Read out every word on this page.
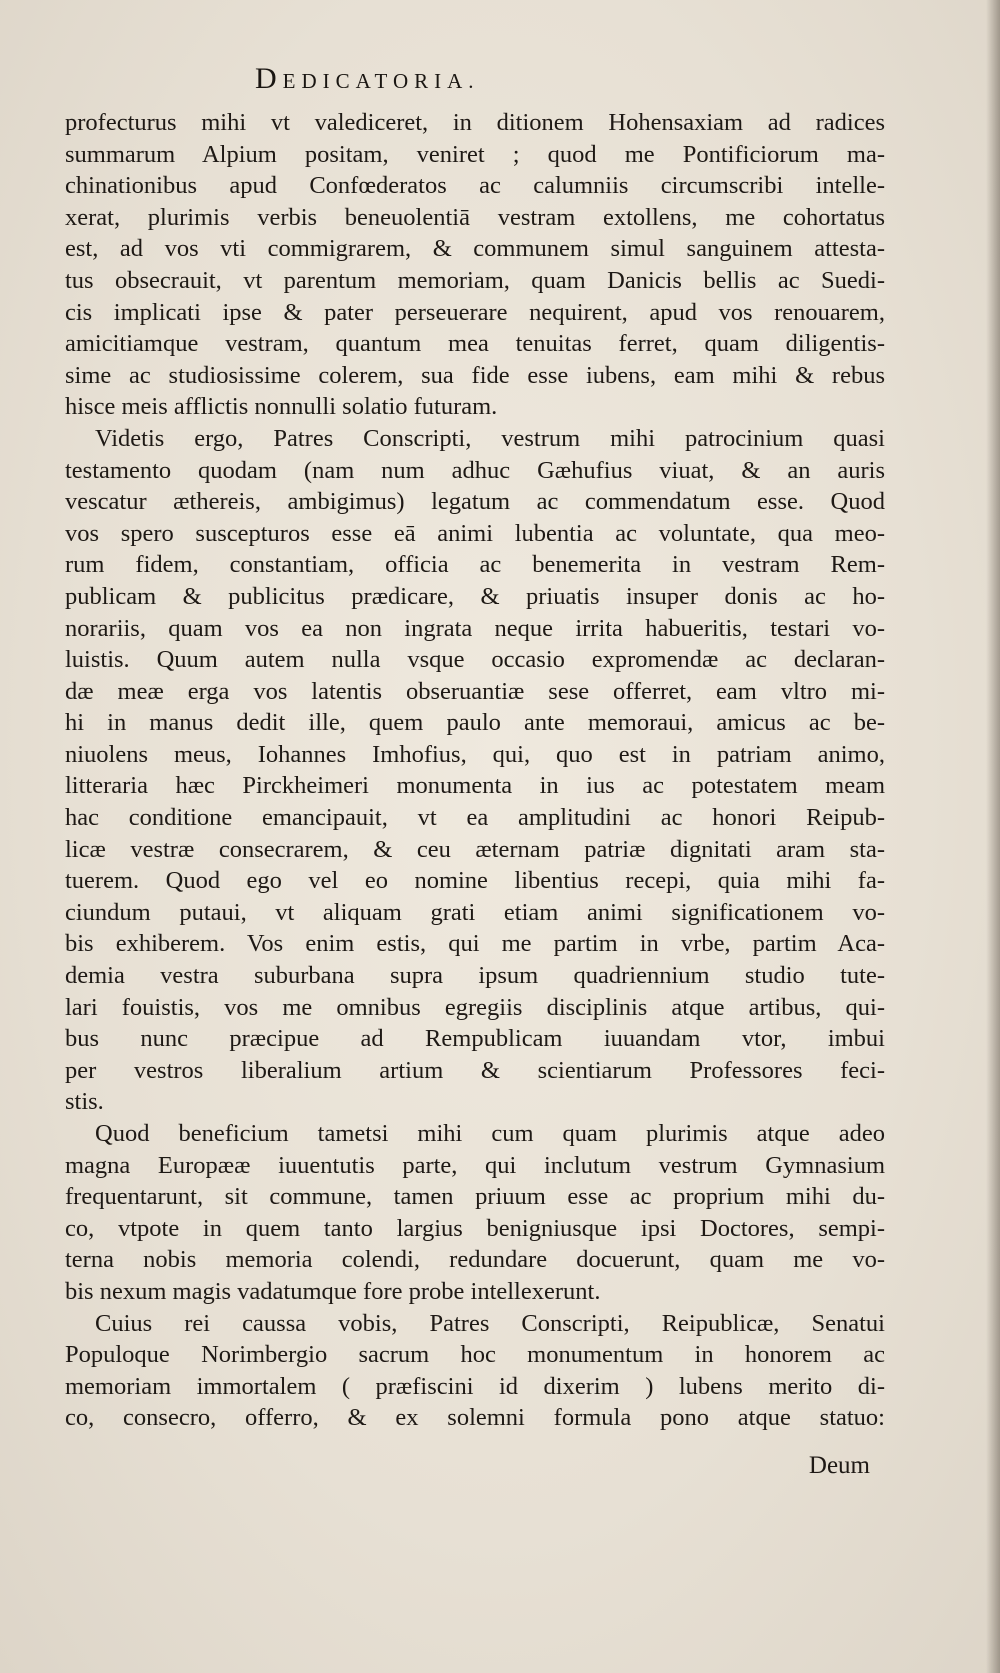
DEDICATORIA.
profecturus mihi vt valediceret, in ditionem Hohensaxiam ad radices
summarum Alpium positam, veniret ; quod me Pontificiorum ma-
chinationibus apud Confœderatos ac calumniis circumscribi intelle-
xerat, plurimis verbis beneuolentiā vestram extollens, me cohortatus
est, ad vos vti commigrarem, & communem simul sanguinem attesta-
tus obsecrauit, vt parentum memoriam, quam Danicis bellis ac Suedi-
cis implicati ipse & pater perseuerare nequirent, apud vos renouarem,
amicitiamque vestram, quantum mea tenuitas ferret, quam diligentis-
sime ac studiosissime colerem, sua fide esse iubens, eam mihi & rebus
hisce meis afflictis nonnulli solatio futuram.
Videtis ergo, Patres Conscripti, vestrum mihi patrocinium quasi
testamento quodam (nam num adhuc Gæhufius viuat, & an auris
vescatur æthereis, ambigimus) legatum ac commendatum esse. Quod
vos spero suscepturos esse eā animi lubentia ac voluntate, qua meo-
rum fidem, constantiam, officia ac benemerita in vestram Rem-
publicam & publicitus prædicare, & priuatis insuper donis ac ho-
norariis, quam vos ea non ingrata neque irrita habueritis, testari vo-
luistis. Quum autem nulla vsque occasio expromendæ ac declaran-
dæ meæ erga vos latentis obseruantiæ sese offerret, eam vltro mi-
hi in manus dedit ille, quem paulo ante memoraui, amicus ac be-
niuolens meus, Iohannes Imhofius, qui, quo est in patriam animo,
litteraria hæc Pirckheimeri monumenta in ius ac potestatem meam
hac conditione emancipauit, vt ea amplitudini ac honori Reipub-
licæ vestræ consecrarem, & ceu æternam patriæ dignitati aram sta-
tuerem. Quod ego vel eo nomine libentius recepi, quia mihi fa-
ciundum putaui, vt aliquam grati etiam animi significationem vo-
bis exhiberem. Vos enim estis, qui me partim in vrbe, partim Aca-
demia vestra suburbana supra ipsum quadriennium studio tute-
lari fouistis, vos me omnibus egregiis disciplinis atque artibus, qui-
bus nunc præcipue ad Rempublicam iuuandam vtor, imbui
per vestros liberalium artium & scientiarum Professores feci-
stis.
Quod beneficium tametsi mihi cum quam plurimis atque adeo
magna Europææ iuuentutis parte, qui inclutum vestrum Gymnasium
frequentarunt, sit commune, tamen priuum esse ac proprium mihi du-
co, vtpote in quem tanto largius benigniusque ipsi Doctores, sempi-
terna nobis memoria colendi, redundare docuerunt, quam me vo-
bis nexum magis vadatumque fore probe intellexerunt.
Cuius rei caussa vobis, Patres Conscripti, Reipublicæ, Senatui
Populoque Norimbergio sacrum hoc monumentum in honorem ac
memoriam immortalem ( præfiscini id dixerim ) lubens merito di-
co, consecro, offerro, & ex solemni formula pono atque statuo:
Deum
